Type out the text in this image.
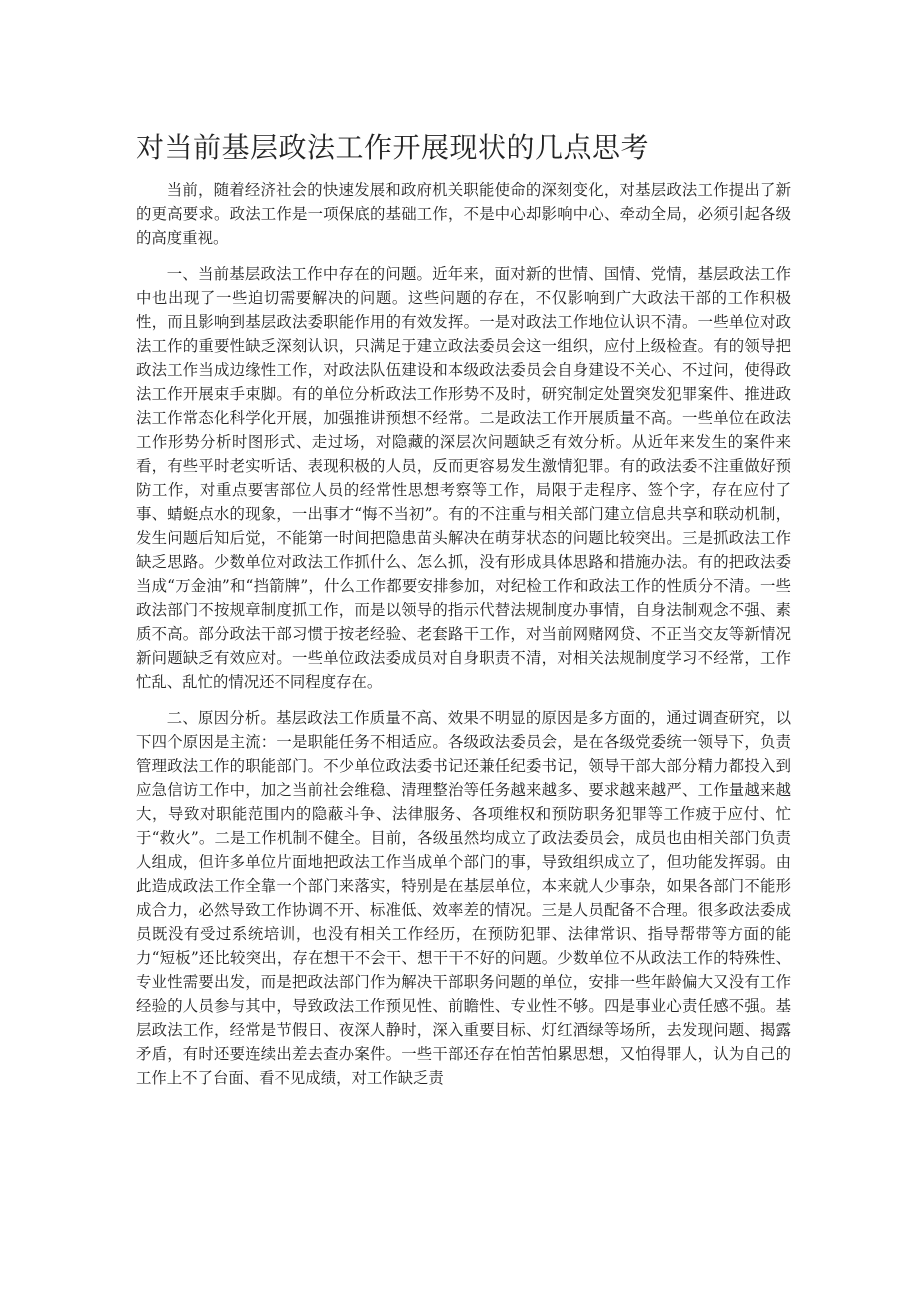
对当前基层政法工作开展现状的几点思考

当前，随着经济社会的快速发展和政府机关职能使命的深刻变化，对基层政法工作提出了新的更高要求。政法工作是一项保底的基础工作，不是中心却影响中心、牵动全局，必须引起各级的高度重视。

一、当前基层政法工作中存在的问题。近年来，面对新的世情、国情、党情，基层政法工作中也出现了一些迫切需要解决的问题。这些问题的存在，不仅影响到广大政法干部的工作积极性，而且影响到基层政法委职能作用的有效发挥。一是对政法工作地位认识不清。一些单位对政法工作的重要性缺乏深刻认识，只满足于建立政法委员会这一组织，应付上级检查。有的领导把政法工作当成边缘性工作，对政法队伍建设和本级政法委员会自身建设不关心、不过问，使得政法工作开展束手束脚。有的单位分析政法工作形势不及时，研究制定处置突发犯罪案件、推进政法工作常态化科学化开展，加强推讲预想不经常。二是政法工作开展质量不高。一些单位在政法工作形势分析时图形式、走过场，对隐藏的深层次问题缺乏有效分析。从近年来发生的案件来看，有些平时老实听话、表现积极的人员，反而更容易发生激情犯罪。有的政法委不注重做好预防工作，对重点要害部位人员的经常性思想考察等工作，局限于走程序、签个字，存在应付了事、蜻蜓点水的现象，一出事才“悔不当初”。有的不注重与相关部门建立信息共享和联动机制，发生问题后知后觉，不能第一时间把隐患苗头解决在萌芽状态的问题比较突出。三是抓政法工作缺乏思路。少数单位对政法工作抓什么、怎么抓，没有形成具体思路和措施办法。有的把政法委当成“万金油”和“挡箭牌”，什么工作都要安排参加，对纪检工作和政法工作的性质分不清。一些政法部门不按规章制度抓工作，而是以领导的指示代替法规制度办事情，自身法制观念不强、素质不高。部分政法干部习惯于按老经验、老套路干工作，对当前网赌网贷、不正当交友等新情况新问题缺乏有效应对。一些单位政法委成员对自身职责不清，对相关法规制度学习不经常，工作忙乱、乱忙的情况还不同程度存在。

二、原因分析。基层政法工作质量不高、效果不明显的原因是多方面的，通过调查研究，以下四个原因是主流：一是职能任务不相适应。各级政法委员会，是在各级党委统一领导下，负责管理政法工作的职能部门。不少单位政法委书记还兼任纪委书记，领导干部大部分精力都投入到应急信访工作中，加之当前社会维稳、清理整治等任务越来越多、要求越来越严、工作量越来越大，导致对职能范围内的隐蔽斗争、法律服务、各项维权和预防职务犯罪等工作疲于应付、忙于“救火”。二是工作机制不健全。目前，各级虽然均成立了政法委员会，成员也由相关部门负责人组成，但许多单位片面地把政法工作当成单个部门的事，导致组织成立了，但功能发挥弱。由此造成政法工作全靠一个部门来落实，特别是在基层单位，本来就人少事杂，如果各部门不能形成合力，必然导致工作协调不开、标准低、效率差的情况。三是人员配备不合理。很多政法委成员既没有受过系统培训，也没有相关工作经历，在预防犯罪、法律常识、指导帮带等方面的能力“短板”还比较突出，存在想干不会干、想干干不好的问题。少数单位不从政法工作的特殊性、专业性需要出发，而是把政法部门作为解决干部职务问题的单位，安排一些年龄偏大又没有工作经验的人员参与其中，导致政法工作预见性、前瞻性、专业性不够。四是事业心责任感不强。基层政法工作，经常是节假日、夜深人静时，深入重要目标、灯红酒绿等场所，去发现问题、揭露矛盾，有时还要连续出差去查办案件。一些干部还存在怕苦怕累思想，又怕得罪人，认为自己的工作上不了台面、看不见成绩，对工作缺乏责
